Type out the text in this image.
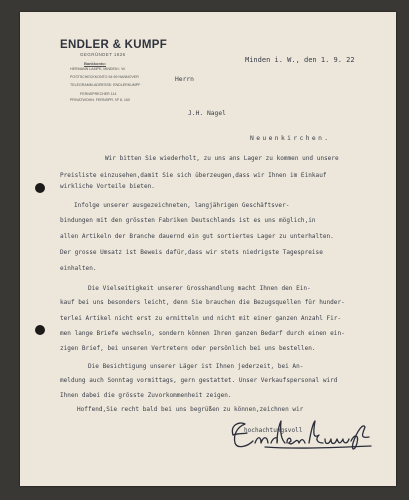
ENDLER & KUMPF
GEGRÜNDET 1826
Bankkonto:
HERMANN LAMPE, MINDEN i. W.
POSTSCHECKKONTO 54 69 HANNOVER
TELEGRAMM-ADRESSE: ENDLERKUMPF
FERNSPRECHER 114
PRIVATWOHN. FERNSPR. Nº 8, 160
Minden i. W., den 1. 9. 22
Herrn
J.H. Nagel
Neuenkirchen.
Wir bitten Sie wiederholt, zu uns ans Lager zu kommen und unsere
Preisliste einzusehen,damit Sie sich überzeugen,dass wir Ihnen im Einkauf
wirkliche Vorteile bieten.
Infolge unserer ausgezeichneten, langjährigen Geschäftsver-
bindungen mit den grössten Fabriken Deutschlands ist es uns möglich,in
allen Artikeln der Branche dauernd ein gut sortiertes Lager zu unterhalten.
Der grosse Umsatz ist Beweis dafür,dass wir stets niedrigste Tagespreise
einhalten.
Die Vielseitigkeit unserer Grosshandlung macht Ihnen den Ein-
kauf bei uns besonders leicht, denn Sie brauchen die Bezugsquellen für hunder-
terlei Artikel nicht erst zu ermitteln und nicht mit einer ganzen Anzahl Fir-
men lange Briefe wechseln, sondern können Ihren ganzen Bedarf durch einen ein-
zigen Brief, bei unseren Vertretern oder persönlich bei uns bestellen.
Die Besichtigung unserer Läger ist Ihnen jederzeit, bei An-
meldung auch Sonntag vormittags, gern gestattet. Unser Verkaufspersonal wird
Ihnen dabei die grösste Zuvorkommenheit zeigen.
Hoffend,Sie recht bald bei uns begrüßen zu können,zeichnen wir
hochachtungsvoll
